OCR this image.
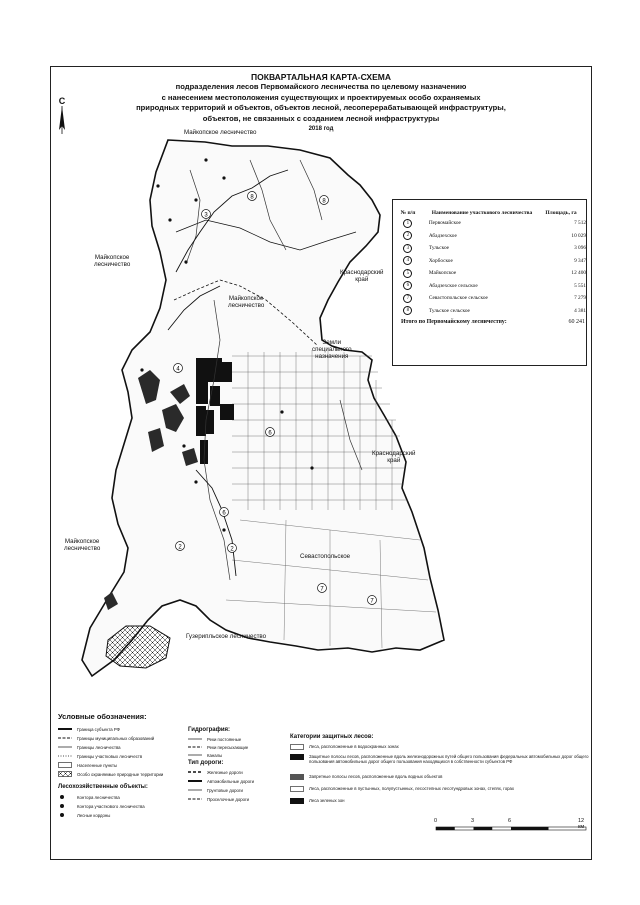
ПОКВАРТАЛЬНАЯ КАРТА-СХЕМА
подразделения лесов Первомайского лесничества по целевому назначению
с нанесением местоположения существующих и проектируемых особо охраняемых
природных территорий и объектов, объектов лесной, лесоперерабатывающей инфраструктуры,
объектов, не связанных с созданием лесной инфраструктуры
2018 год
С
3
8
8
4
6
6
2
7
7
2
Майкопское лесничество
Майкопское
лесничество
Майкопское
лесничество
Краснодарский
край
Земли
специального
назначения
Краснодарский
край
Майкопское
лесничество
Гузерипльское лесничество
Севастопольское
№ п/п	Наименование участкового лесничества	Площадь, га
1	Первомайское	7 512
2	Абадзехское	10 029
3	Тульское	3 096
4	Хорбоское	9 347
5	Майкопское	12 400
6	Абадзехское сельское	5 551
7	Севастопольское сельское	7 279
8	Тульское сельское	4 381
Итого по Первомайскому лесничеству:	60 241
Условные обозначения:
Граница субъекта РФ
Границы муниципальных образований
Границы лесничества
Границы участковых лесничеств
Населенные пункты
Особо охраняемые природные территории
Лесохозяйственные объекты:
Контора лесничества
Контора участкового лесничества
Лесные кордоны
Гидрография:
Реки постоянные
Реки пересыхающие
Каналы
Тип дороги:
Железные дороги
Автомобильные дороги
Грунтовые дороги
Проселочные дороги
Категории защитных лесов:
Леса, расположенные в водоохранных зонах
Защитные полосы лесов, расположенные вдоль железнодорожных путей общего пользования федеральных автомобильных дорог общего пользования автомобильных дорог общего пользования находящихся в собственности субъектов РФ
Запретные полосы лесов, расположенные вдоль водных объектов
Леса, расположенные в пустынных, полупустынных, лесостепных лесотундровых зонах, степях, горах
Леса зеленых зон
0	3	6	12 км
